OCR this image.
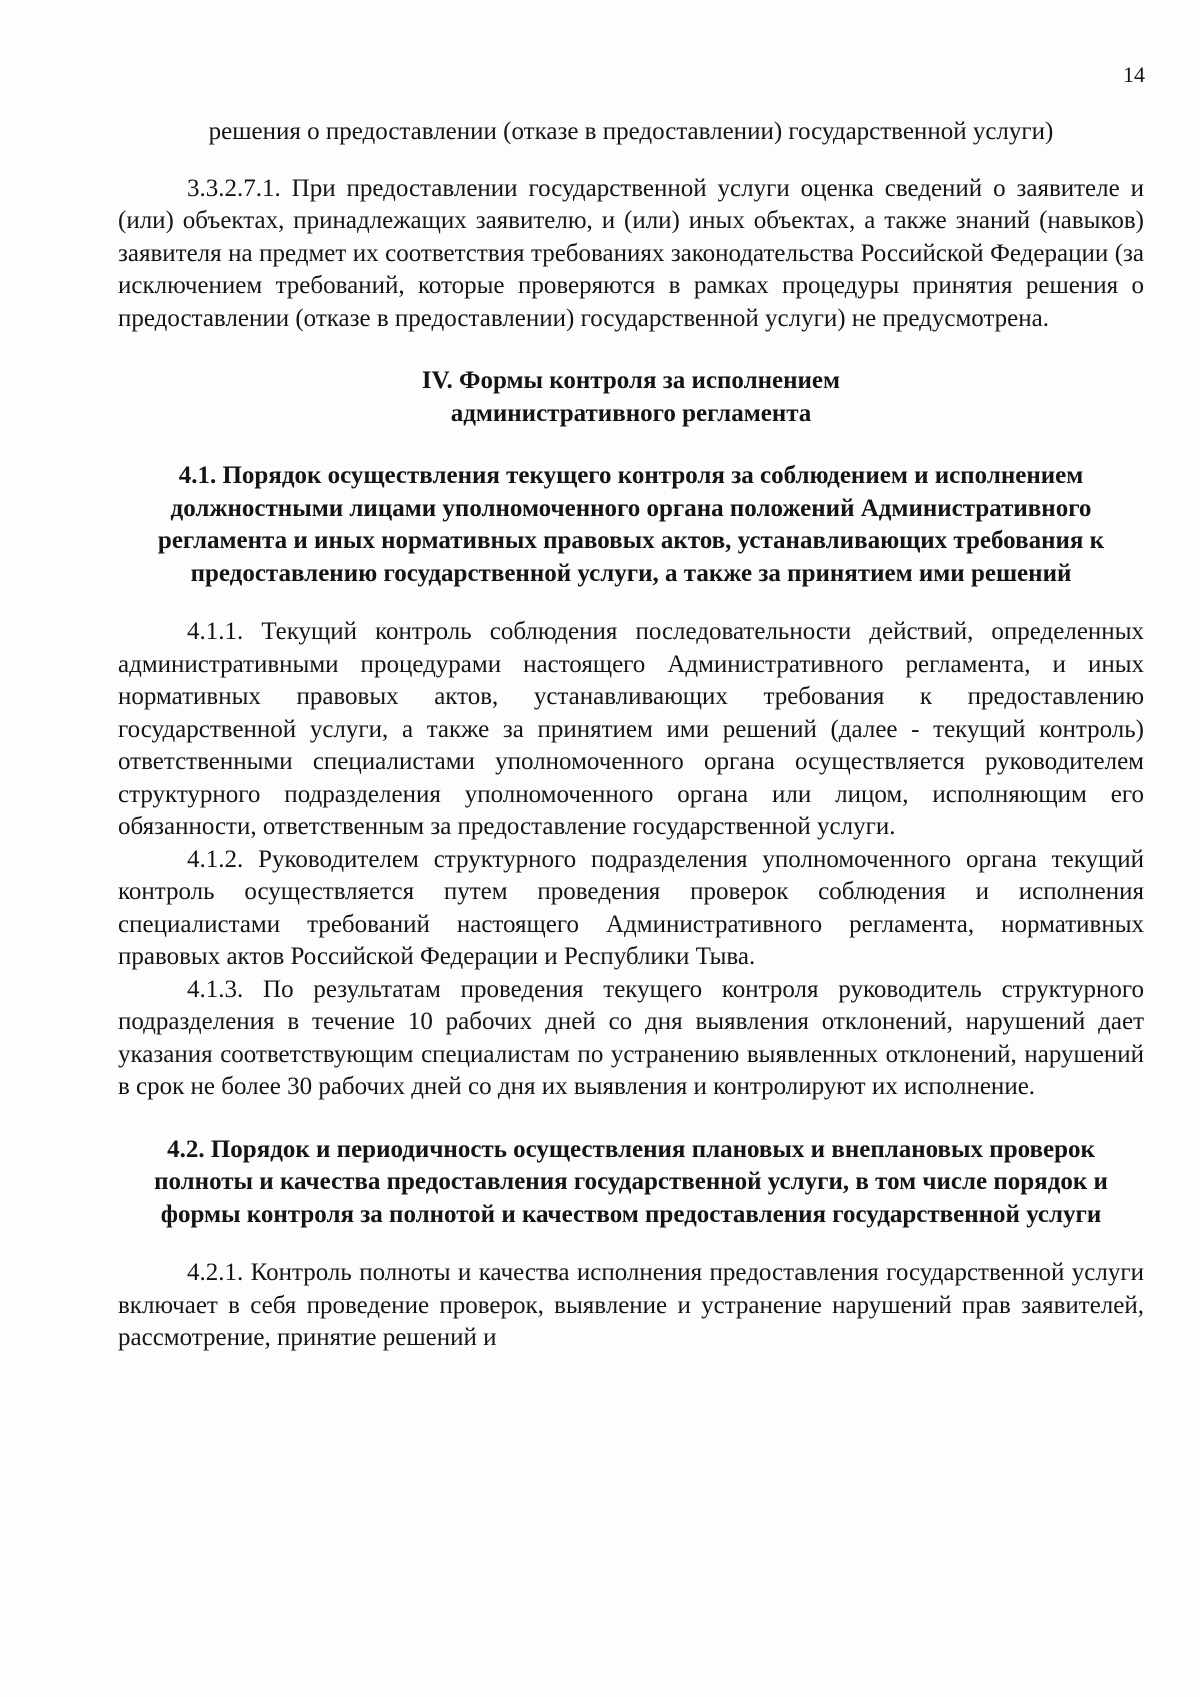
14

решения о предоставлении (отказе в предоставлении) государственной услуги)

3.3.2.7.1. При предоставлении государственной услуги оценка сведений о заявителе и (или) объектах, принадлежащих заявителю, и (или) иных объектах, а также знаний (навыков) заявителя на предмет их соответствия требованиях законодательства Российской Федерации (за исключением требований, которые проверяются в рамках процедуры принятия решения о предоставлении (отказе в предоставлении) государственной услуги) не предусмотрена.

IV. Формы контроля за исполнением

административного регламента

4.1. Порядок осуществления текущего контроля за соблюдением и исполнением должностными лицами уполномоченного органа положений Административного регламента и иных нормативных правовых актов, устанавливающих требования к предоставлению государственной услуги, а также за принятием ими решений

4.1.1. Текущий контроль соблюдения последовательности действий, определенных административными процедурами настоящего Административного регламента, и иных нормативных правовых актов, устанавливающих требования к предоставлению государственной услуги, а также за принятием ими решений (далее - текущий контроль) ответственными специалистами уполномоченного органа осуществляется руководителем структурного подразделения уполномоченного органа или лицом, исполняющим его обязанности, ответственным за предоставление государственной услуги.

4.1.2. Руководителем структурного подразделения уполномоченного органа текущий контроль осуществляется путем проведения проверок соблюдения и исполнения специалистами требований настоящего Административного регламента, нормативных правовых актов Российской Федерации и Республики Тыва.

4.1.3. По результатам проведения текущего контроля руководитель структурного подразделения в течение 10 рабочих дней со дня выявления отклонений, нарушений дает указания соответствующим специалистам по устранению выявленных отклонений, нарушений в срок не более 30 рабочих дней со дня их выявления и контролируют их исполнение.

4.2. Порядок и периодичность осуществления плановых и внеплановых проверок полноты и качества предоставления государственной услуги, в том числе порядок и формы контроля за полнотой и качеством предоставления государственной услуги

4.2.1. Контроль полноты и качества исполнения предоставления государственной услуги включает в себя проведение проверок, выявление и устранение нарушений прав заявителей, рассмотрение, принятие решений и
